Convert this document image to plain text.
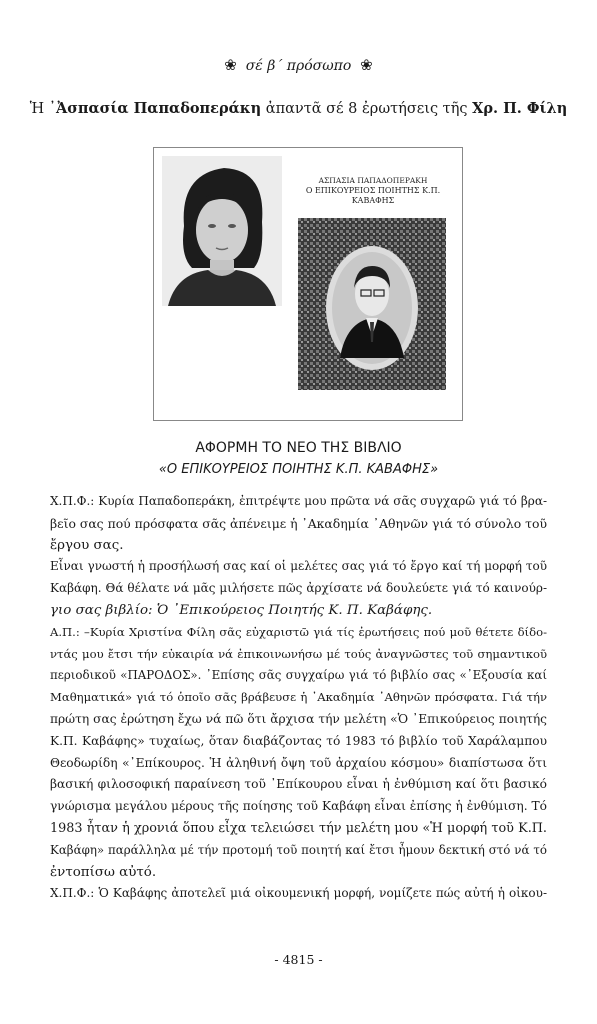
❀ σέ β΄ πρόσωπο ❀
Ἡ ᾿Ἀσπασία Παπαδοπεράκη ἀπαντᾶ σέ 8 ἐρωτήσεις τῆς Χρ. Π. Φίλη
ΑΣΠΑΣΙΑ ΠΑΠΑΔΟΠΕΡΑΚΗ
Ο ΕΠΙΚΟΥΡΕΙΟΣ ΠΟΙΗΤΗΣ Κ.Π. ΚΑΒΑΦΗΣ
ΑΦΟΡΜΗ ΤΟ ΝΕΟ ΤΗΣ ΒΙΒΛΙΟ
«Ο ΕΠΙΚΟΥΡΕΙΟΣ ΠΟΙΗΤΗΣ Κ.Π. ΚΑΒΑΦΗΣ»
Χ.Π.Φ.: Κυρία Παπαδοπεράκη, ἐπιτρέψτε μου πρῶτα νά σᾶς συγχαρῶ γιά τό βρα-
βεῖο σας πού πρόσφατα σᾶς ἀπένειμε ἡ ᾿Ακαδημία ᾿Αθηνῶν γιά τό σύνολο τοῦ
ἔργου σας.
Εἶναι γνωστή ἡ προσήλωσή σας καί οἱ μελέτες σας γιά τό ἔργο καί τή μορφή τοῦ
Καβάφη. Θά θέλατε νά μᾶς μιλήσετε πῶς ἀρχίσατε νά δουλεύετε γιά τό καινούρ-
γιο σας βιβλίο: Ὁ ᾿Επικούρειος Ποιητής Κ. Π. Καβάφης.
Α.Π.: –Κυρία Χριστίνα Φίλη σᾶς εὐχαριστῶ γιά τίς ἐρωτήσεις πού μοῦ θέτετε δίδο-
ντάς μου ἔτσι τήν εὐκαιρία νά ἐπικοινωνήσω μέ τούς ἀναγνῶστες τοῦ σημαντικοῦ
περιοδικοῦ «ΠΑΡΟΔΟΣ». ᾿Επίσης σᾶς συγχαίρω γιά τό βιβλίο σας «᾿Εξουσία καί
Μαθηματικά» γιά τό ὁποῖο σᾶς βράβευσε ἡ ᾿Ακαδημία ᾿Αθηνῶν πρόσφατα. Γιά τήν
πρώτη σας ἐρώτηση ἔχω νά πῶ ὅτι ἄρχισα τήν μελέτη «Ὁ ᾿Επικούρειος ποιητής
Κ.Π. Καβάφης» τυχαίως, ὅταν διαβάζοντας τό 1983 τό βιβλίο τοῦ Χαράλαμπου
Θεοδωρίδη «᾿Επίκουρος. Ἡ ἀληθινή ὄψη τοῦ ἀρχαίου κόσμου» διαπίστωσα ὅτι
βασική φιλοσοφική παραίνεση τοῦ ᾿Επίκουρου εἶναι ἡ ἐνθύμιση καί ὅτι βασικό
γνώρισμα μεγάλου μέρους τῆς ποίησης τοῦ Καβάφη εἶναι ἐπίσης ἡ ἐνθύμιση. Τό
1983 ἦταν ἡ χρονιά ὅπου εἶχα τελειώσει τήν μελέτη μου «Ἡ μορφή τοῦ Κ.Π.
Καβάφη» παράλληλα μέ τήν προτομή τοῦ ποιητή καί ἔτσι ἦμουν δεκτική στό νά τό
ἐντοπίσω αὐτό.
Χ.Π.Φ.: Ὁ Καβάφης ἀποτελεῖ μιά οἰκουμενική μορφή, νομίζετε πώς αὐτή ἡ οἰκου-
- 4815 -
